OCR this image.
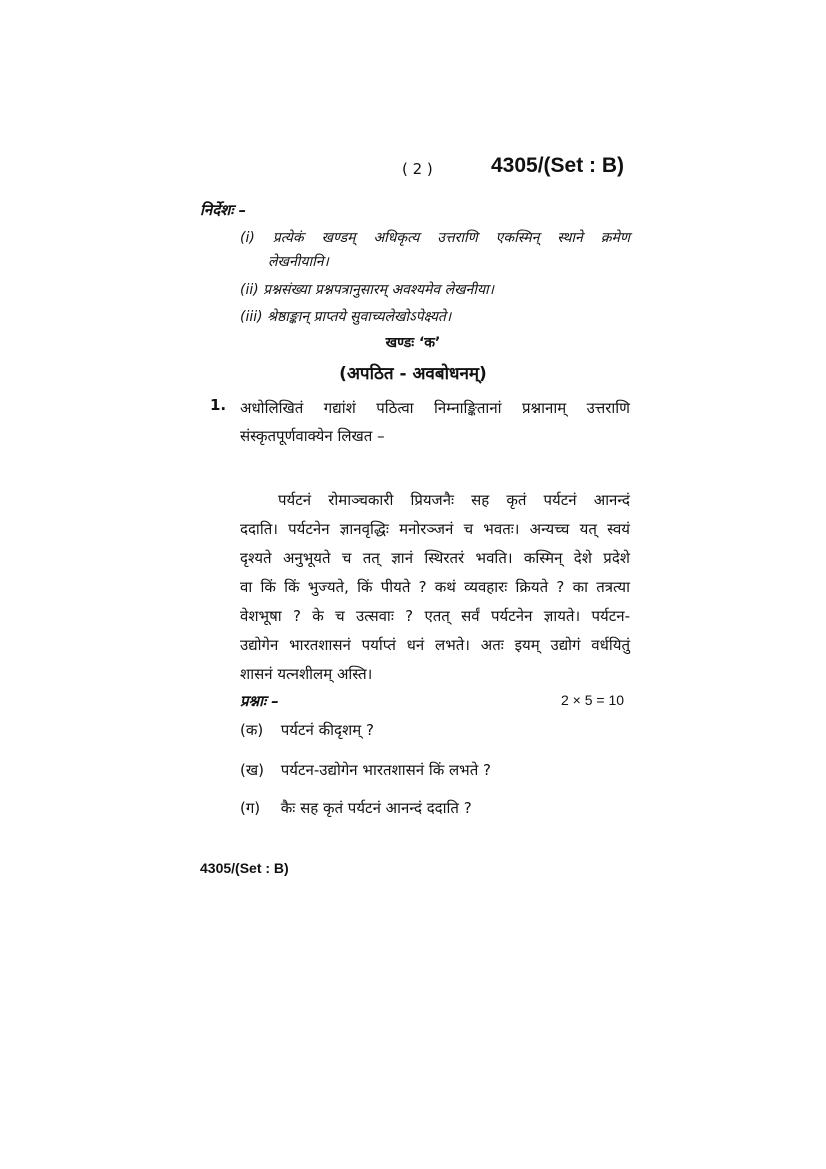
( 2 )	4305/(Set : B)
निर्देशः –
(i) प्रत्येकं खण्डम् अधिकृत्य उत्तराणि एकस्मिन् स्थाने क्रमेण
लेखनीयानि।
(ii) प्रश्नसंख्या प्रश्नपत्रानुसारम् अवश्यमेव लेखनीया।
(iii) श्रेष्ठाङ्कान् प्राप्तये सुवाच्यलेखोऽपेक्ष्यते।
खण्डः ‘क’
(अपठित - अवबोधनम्)
1. अधोलिखितं गद्यांशं पठित्वा निम्नाङ्कितानां प्रश्नानाम् उत्तराणि
संस्कृतपूर्णवाक्येन लिखत –
पर्यटनं रोमाञ्चकारी प्रियजनैः सह कृतं पर्यटनं आनन्दं
ददाति। पर्यटनेन ज्ञानवृद्धिः मनोरञ्जनं च भवतः। अन्यच्च यत् स्वयं
दृश्यते अनुभूयते च तत् ज्ञानं स्थिरतरं भवति। कस्मिन् देशे प्रदेशे
वा किं किं भुज्यते, किं पीयते ? कथं व्यवहारः क्रियते ? का तत्रत्या
वेशभूषा ? के च उत्सवाः ? एतत् सर्वं पर्यटनेन ज्ञायते। पर्यटन-
उद्योगेन भारतशासनं पर्याप्तं धनं लभते। अतः इयम् उद्योगं वर्धयितुं
शासनं यत्नशीलम् अस्ति।
प्रश्नाः –	2 × 5 = 10
(क) पर्यटनं कीदृशम् ?
(ख) पर्यटन-उद्योगेन भारतशासनं किं लभते ?
(ग) कैः सह कृतं पर्यटनं आनन्दं ददाति ?
4305/(Set : B)
